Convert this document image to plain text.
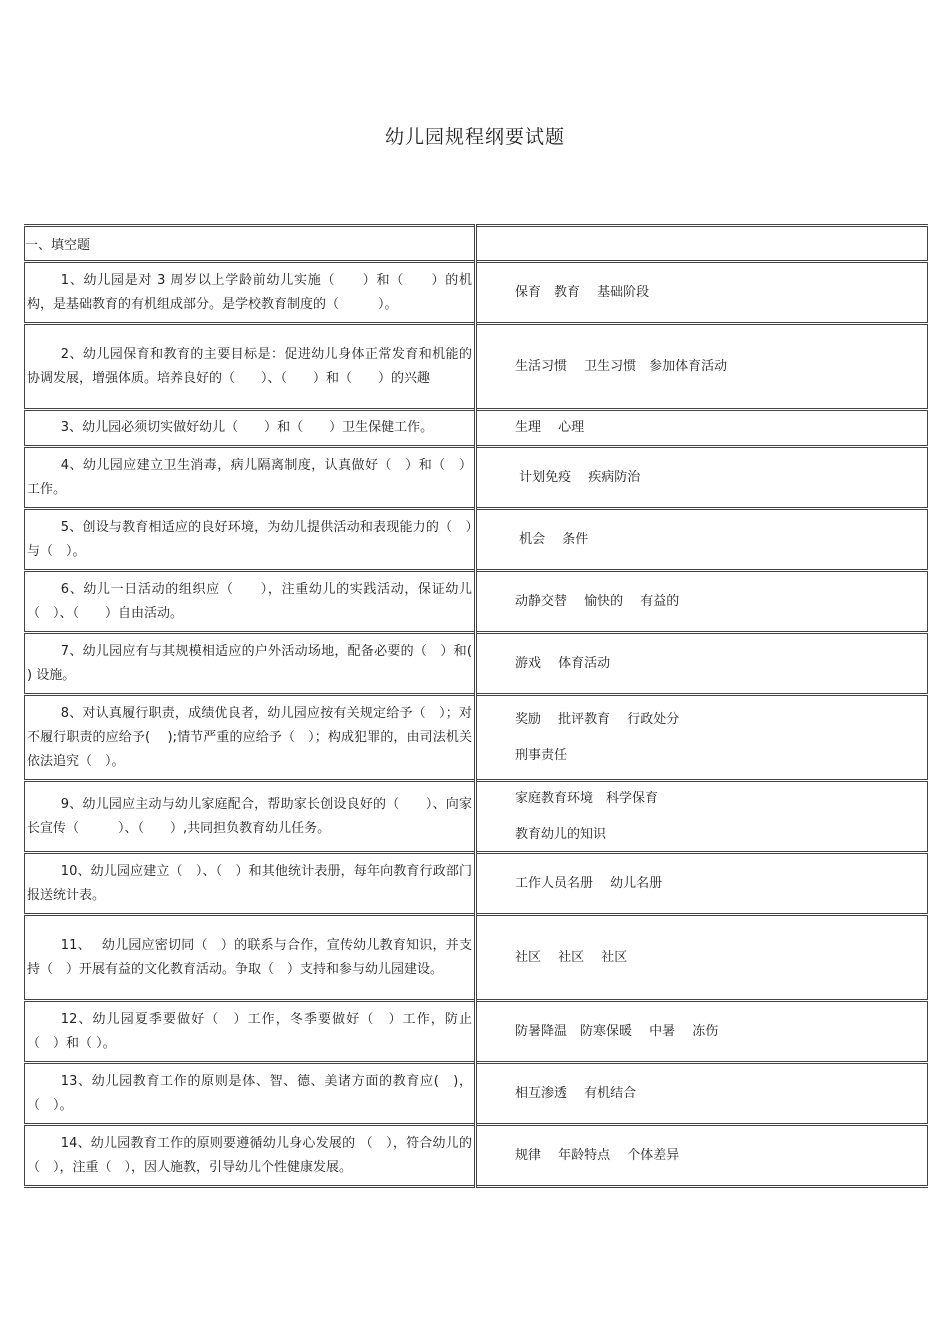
幼儿园规程纲要试题
一、填空题	

1、幼儿园是对 3 周岁以上学龄前幼儿实施（　　）和（　　）的机构，是基础教育的有机组成部分。是学校教育制度的（　　　）。	保育　教育　 基础阶段

2、幼儿园保育和教育的主要目标是：促进幼儿身体正常发育和机能的协调发展，增强体质。培养良好的（　　）、（　　）和（　　）的兴趣	生活习惯　 卫生习惯　参加体育活动

3、幼儿园必须切实做好幼儿（　　）和（　　）卫生保健工作。	生理　 心理

4、幼儿园应建立卫生消毒，病儿隔离制度，认真做好（　）和（　）工作。	计划免疫　 疾病防治

5、创设与教育相适应的良好环境，为幼儿提供活动和表现能力的（　）与（　）。	机会　 条件

6、幼儿一日活动的组织应（　　），注重幼儿的实践活动，保证幼儿（　）、（　　）自由活动。	动静交替　 愉快的　 有益的

7、幼儿园应有与其规模相适应的户外活动场地，配备必要的（　）和(　 ) 设施。	游戏　 体育活动

8、对认真履行职责，成绩优良者，幼儿园应按有关规定给予（　）；对不履行职责的应给予(　 );情节严重的应给予（　）；构成犯罪的，由司法机关依法追究（　）。	奖励　 批评教育　 行政处分
刑事责任

9、幼儿园应主动与幼儿家庭配合，帮助家长创设良好的（　　）、向家长宣传（　　　）、（　　）,共同担负教育幼儿任务。	家庭教育环境　科学保育
教育幼儿的知识

10、幼儿园应建立（　）、（　）和其他统计表册，每年向教育行政部门报送统计表。	工作人员名册　 幼儿名册

11、　 幼儿园应密切同（　）的联系与合作，宣传幼儿教育知识，并支持（　）开展有益的文化教育活动。争取（　）支持和参与幼儿园建设。	社区　 社区　 社区

12、幼儿园夏季要做好（　）工作，冬季要做好（　）工作，防止（　）和（ ）。	防暑降温　防寒保暖　 中暑　 冻伤

13、幼儿园教育工作的原则是体、智、德、美诸方面的教育应(　)，（　）。	相互渗透　 有机结合

14、幼儿园教育工作的原则要遵循幼儿身心发展的 （　），符合幼儿的（　），注重（　），因人施教，引导幼儿个性健康发展。	规律　 年龄特点　 个体差异
